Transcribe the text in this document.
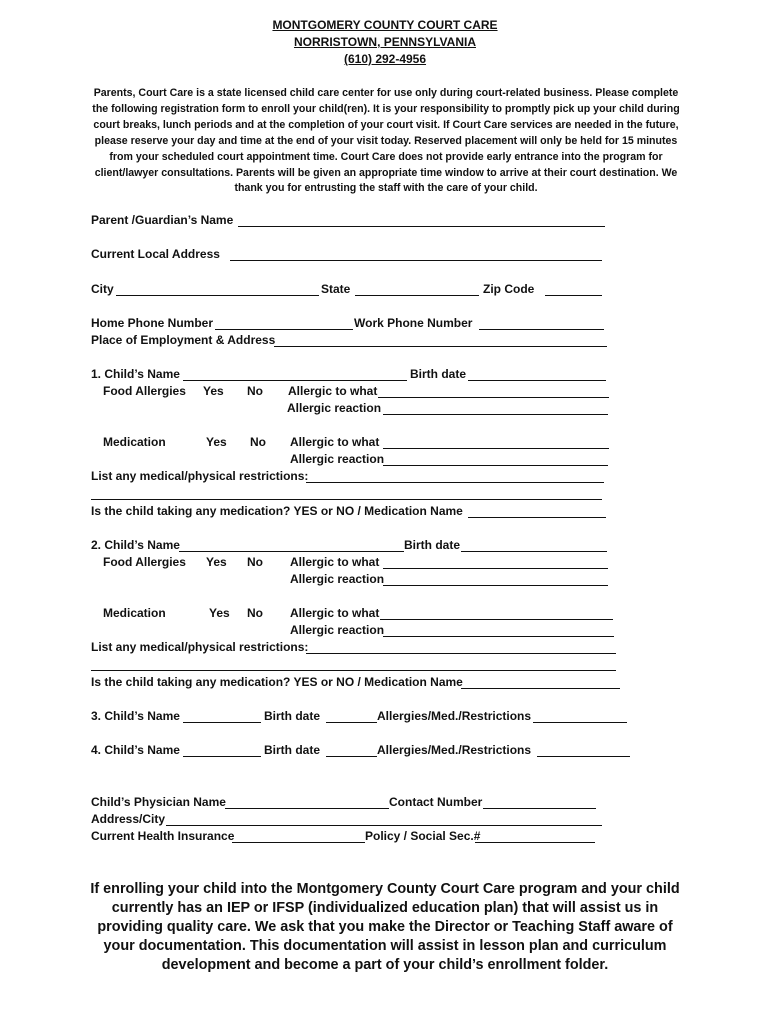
MONTGOMERY COUNTY COURT CARE
NORRISTOWN, PENNSYLVANIA
(610) 292-4956
Parents, Court Care is a state licensed child care center for use only during court-related business. Please complete the following registration form to enroll your child(ren). It is your responsibility to promptly pick up your child during court breaks, lunch periods and at the completion of your court visit. If Court Care services are needed in the future, please reserve your day and time at the end of your visit today. Reserved placement will only be held for 15 minutes from your scheduled court appointment time. Court Care does not provide early entrance into the program for client/lawyer consultations. Parents will be given an appropriate time window to arrive at their court destination. We thank you for entrusting the staff with the care of your child.
Parent /Guardian’s Name
Current Local Address
City	State	Zip Code
Home Phone Number	Work Phone Number
Place of Employment & Address
1. Child’s Name	Birth date
Food Allergies Yes No Allergic to what
Allergic reaction
Medication	Yes No Allergic to what
Allergic reaction
List any medical/physical restrictions:
Is the child taking any medication? YES or NO / Medication Name
2. Child’s Name	Birth date
Food Allergies Yes No Allergic to what
Allergic reaction
Medication	Yes No Allergic to what
Allergic reaction
List any medical/physical restrictions:
Is the child taking any medication? YES or NO / Medication Name
3. Child’s Name	Birth date	Allergies/Med./Restrictions
4. Child’s Name	Birth date	Allergies/Med./Restrictions
Child’s Physician Name	Contact Number
Address/City
Current Health Insurance	Policy / Social Sec.#
If enrolling your child into the Montgomery County Court Care program and your child currently has an IEP or IFSP (individualized education plan) that will assist us in providing quality care. We ask that you make the Director or Teaching Staff aware of your documentation. This documentation will assist in lesson plan and curriculum development and become a part of your child’s enrollment folder.
